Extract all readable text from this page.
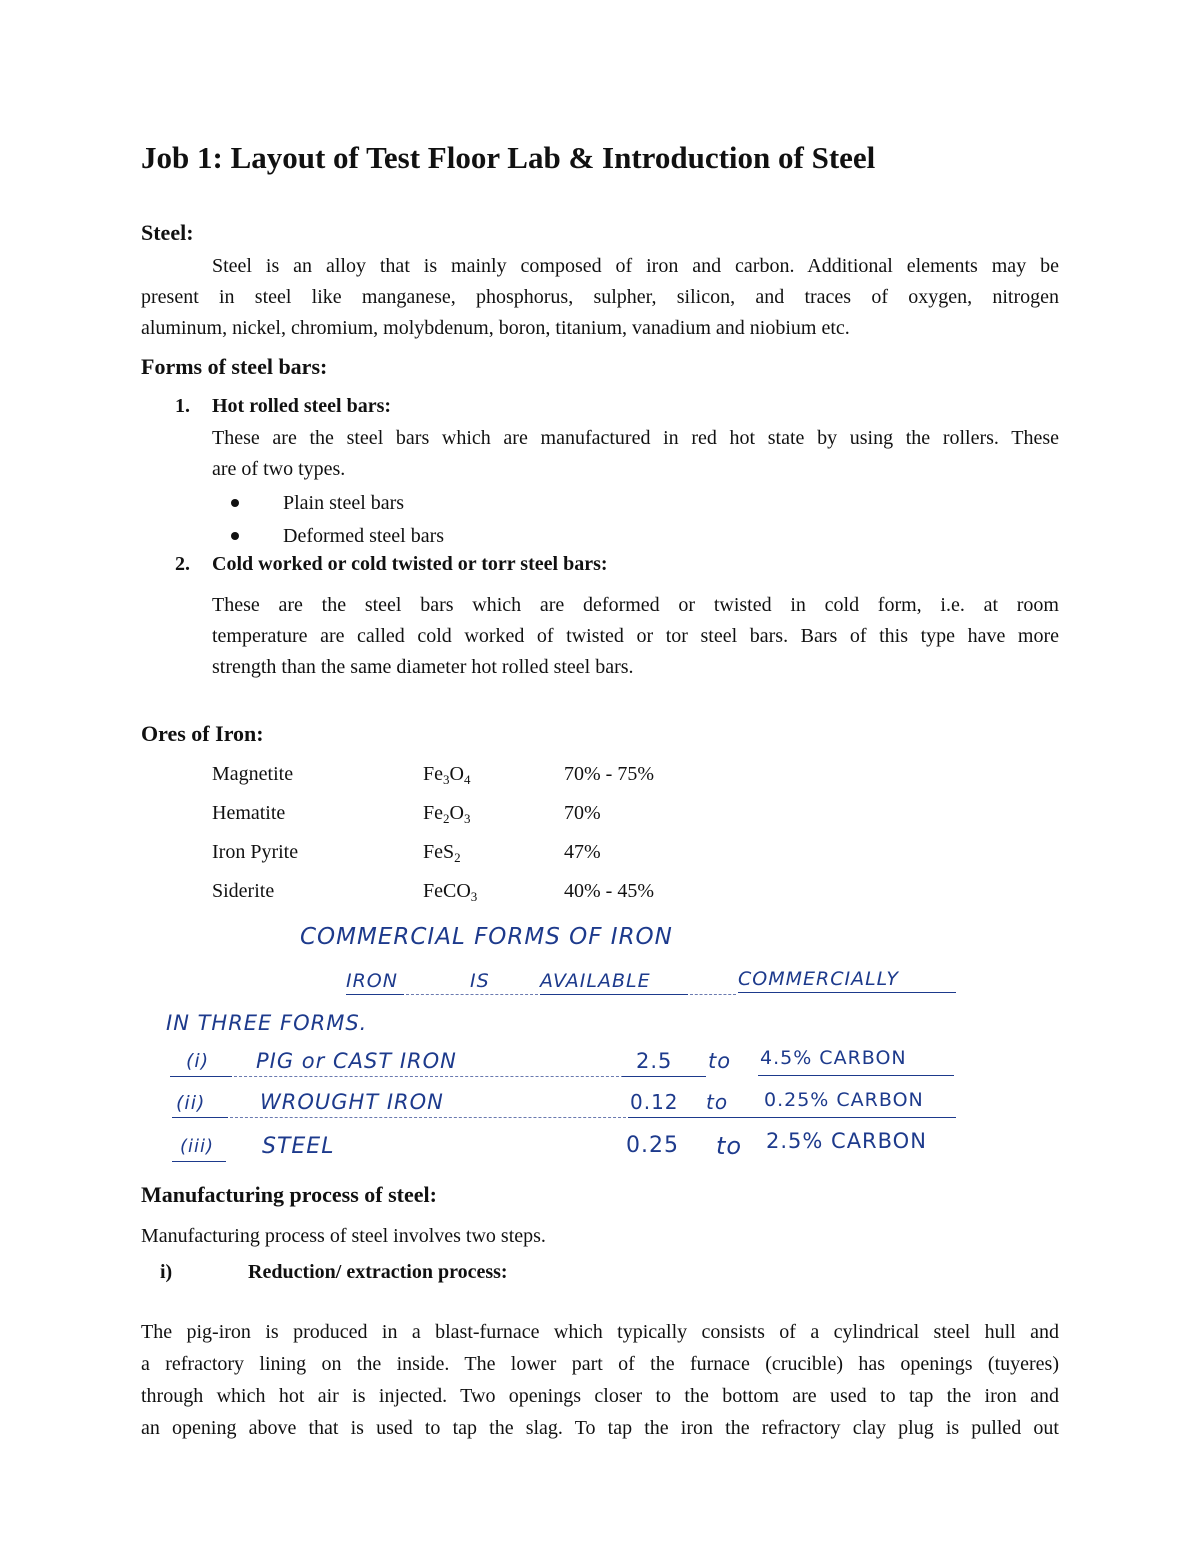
Job 1: Layout of Test Floor Lab & Introduction of Steel
Steel:
Steel is an alloy that is mainly composed of iron and carbon. Additional elements may be
present in steel like manganese, phosphorus, sulpher, silicon, and traces of oxygen, nitrogen
aluminum, nickel, chromium, molybdenum, boron, titanium, vanadium and niobium etc.
Forms of steel bars:
1. Hot rolled steel bars:
These are the steel bars which are manufactured in red hot state by using the rollers. These
are of two types.
Plain steel bars
Deformed steel bars
2. Cold worked or cold twisted or torr steel bars:
These are the steel bars which are deformed or twisted in cold form, i.e. at room
temperature are called cold worked of twisted or tor steel bars. Bars of this type have more
strength than the same diameter hot rolled steel bars.
Ores of Iron:
Magnetite	$Fe_3O_4$	70% - 75%
Hematite	$Fe_2O_3$	70%
Iron Pyrite	FeS$_2$	47%
Siderite	FeCO$_3$	40% - 45%
COMMERCIAL FORMS OF IRON
IRON	IS	AVAILABLE	COMMERCIALLY
IN THREE FORMS.
(i) PIG or CAST IRON	2.5 to 4.5% CARBON
(ii)	WROUGHT IRON	0.12 to 0.25% CARBON
(iii) STEEL	0.25 to 2.5% CARBON
Manufacturing process of steel:
Manufacturing process of steel involves two steps.
i)	Reduction/ extraction process:
The pig-iron is produced in a blast-furnace which typically consists of a cylindrical steel hull and
a refractory lining on the inside. The lower part of the furnace (crucible) has openings (tuyeres)
through which hot air is injected. Two openings closer to the bottom are used to tap the iron and
an opening above that is used to tap the slag. To tap the iron the refractory clay plug is pulled out
